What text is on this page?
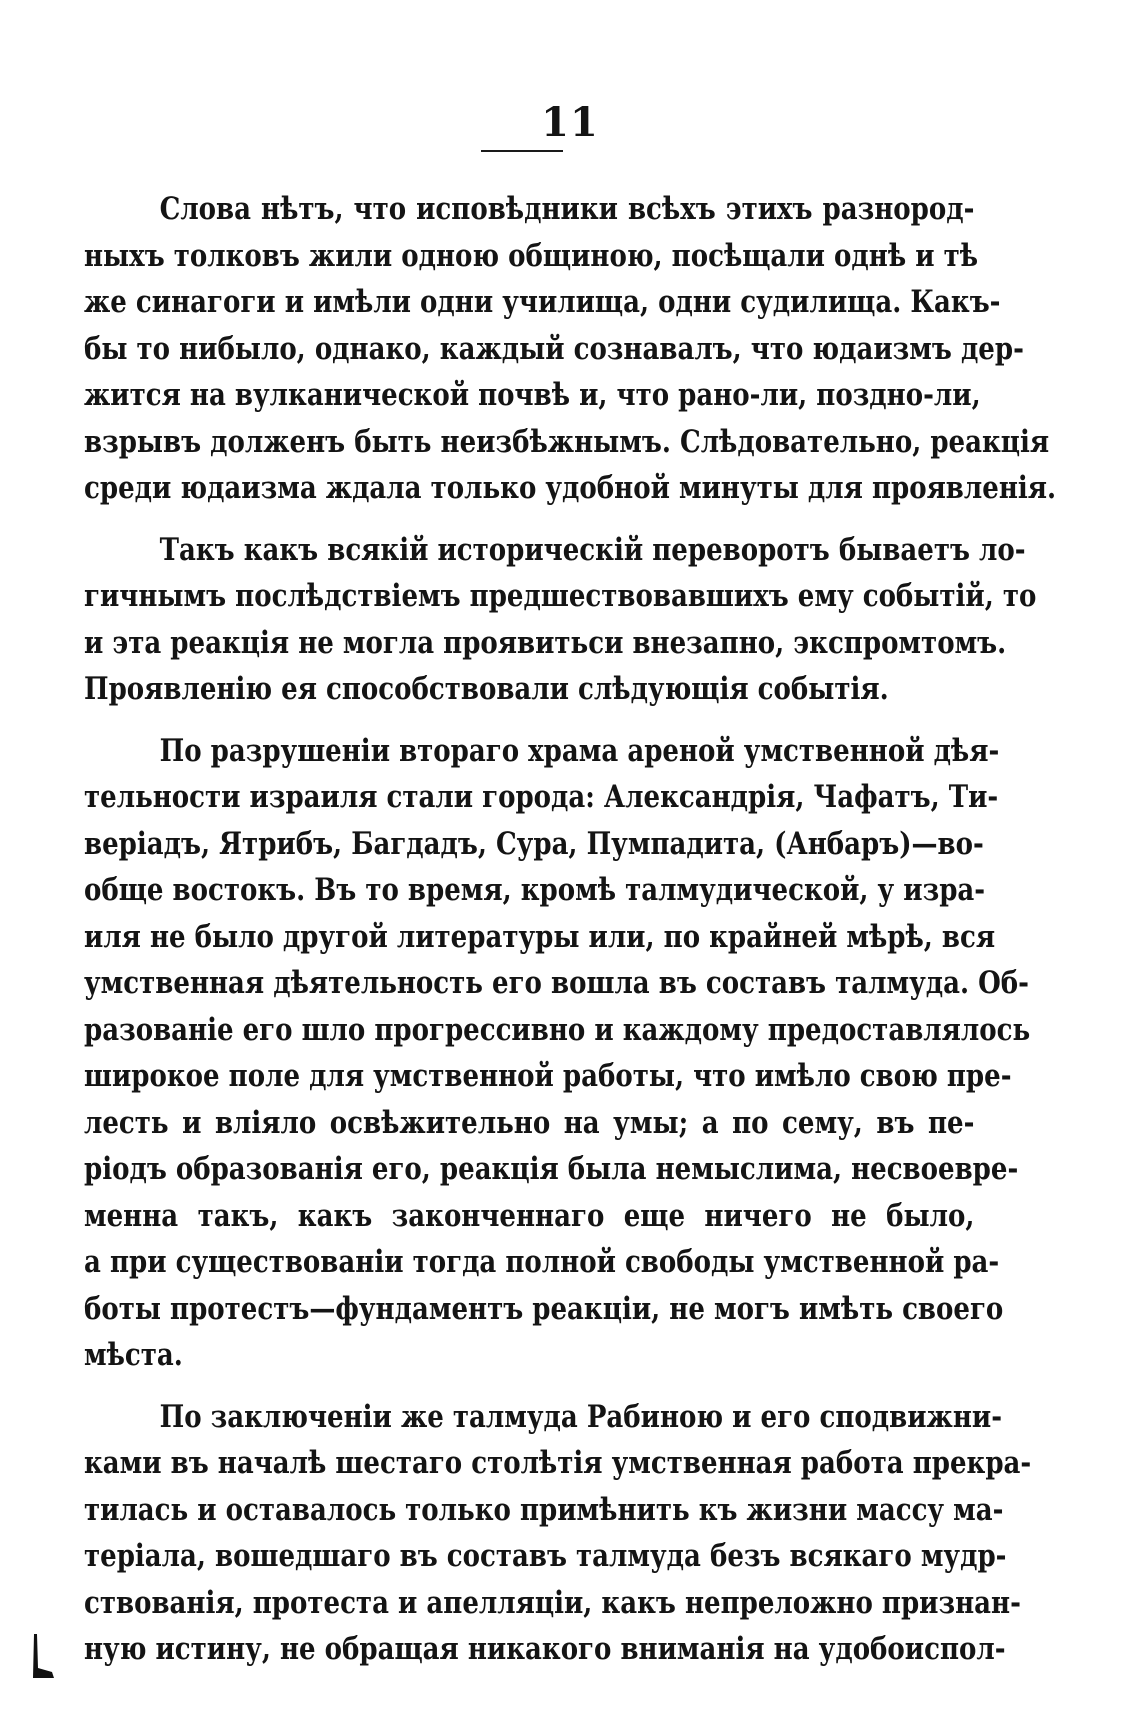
11
Слова нѣтъ, что исповѣдники всѣхъ этихъ разнород-
ныхъ толковъ жили одною общиною, посѣщали однѣ и тѣ
же синагоги и имѣли одни училища, одни судилища. Какъ-
бы то нибыло, однако, каждый сознавалъ, что юдаизмъ дер-
жится на вулканической почвѣ и, что рано-ли, поздно-ли,
взрывъ долженъ быть неизбѣжнымъ. Слѣдовательно, реакція
среди юдаизма ждала только удобной минуты для проявленія.
Такъ какъ всякій историческій переворотъ бываетъ ло-
гичнымъ послѣдствіемъ предшествовавшихъ ему событій, то
и эта реакція не могла проявитьси внезапно, экспромтомъ.
Проявленію ея способствовали слѣдующія событія.
По разрушеніи втораго храма ареной умственной дѣя-
тельности израиля стали города: Александрія, Чафатъ, Ти-
веріадъ, Ятрибъ, Багдадъ, Сура, Пумпадита, (Анбаръ)—во-
обще востокъ. Въ то время, кромѣ талмудической, у изра-
иля не было другой литературы или, по крайней мѣрѣ, вся
умственная дѣятельность его вошла въ составъ талмуда. Об-
разованіе его шло прогрессивно и каждому предоставлялось
широкое поле для умственной работы, что имѣло свою пре-
лесть и вліяло освѣжительно на умы; а по сему, въ пе-
ріодъ образованія его, реакція была немыслима, несвоевре-
менна такъ, какъ законченнаго еще ничего не было,
а при существованіи тогда полной свободы умственной ра-
боты протестъ—фундаментъ реакціи, не могъ имѣть своего
мѣста.
По заключеніи же талмуда Рабиною и его сподвижни-
ками въ началѣ шестаго столѣтія умственная работа прекра-
тилась и оставалось только примѣнить къ жизни массу ма-
теріала, вошедшаго въ составъ талмуда безъ всякаго мудр-
ствованія, протеста и апелляціи, какъ непреложно признан-
ную истину, не обращая никакого вниманія на удобоиспол-
